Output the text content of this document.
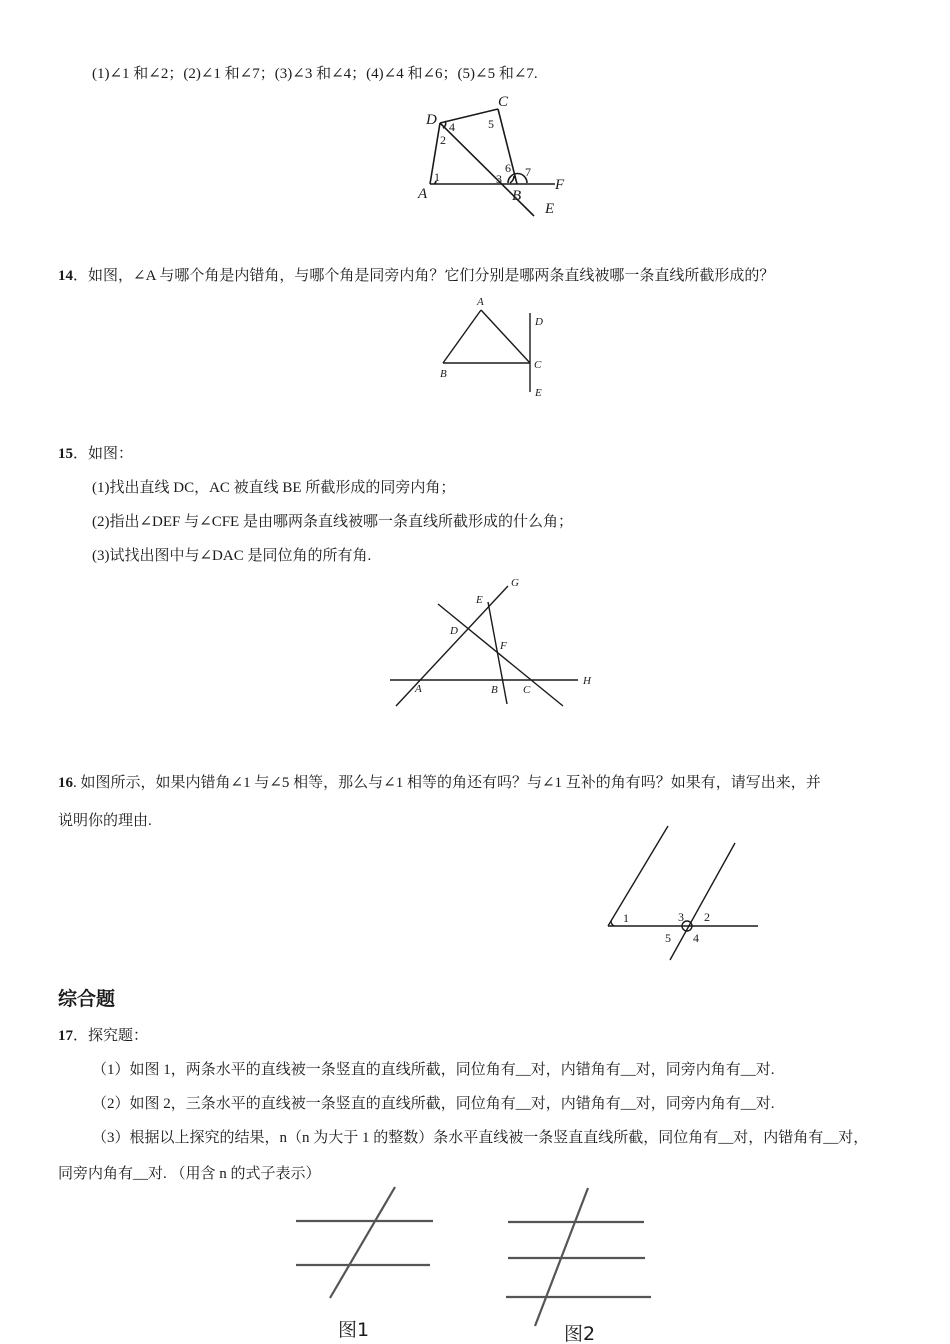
(1)∠1 和∠2；(2)∠1 和∠7；(3)∠3 和∠4；(4)∠4 和∠6；(5)∠5 和∠7.
D
C
A	B
F
E
4
2
5
1	3
6 7
14．如图，∠A 与哪个角是内错角，与哪个角是同旁内角？它们分别是哪两条直线被哪一条直线所截形成的？
A
B
C
D
E
15．如图：
(1)找出直线 DC，AC 被直线 BE 所截形成的同旁内角；
(2)指出∠DEF 与∠CFE 是由哪两条直线被哪一条直线所截形成的什么角；
(3)试找出图中与∠DAC 是同位角的所有角.
G
E
D
F
H
A	B C
16. 如图所示，如果内错角∠1 与∠5 相等，那么与∠1 相等的角还有吗？与∠1 互补的角有吗？如果有，请写出来，并
说明你的理由.
1	3 2
5 4
综合题
17．探究题：
（1）如图 1，两条水平的直线被一条竖直的直线所截，同位角有__对，内错角有__对，同旁内角有__对.
（2）如图 2，三条水平的直线被一条竖直的直线所截，同位角有__对，内错角有__对，同旁内角有__对.
（3）根据以上探究的结果，n（n 为大于 1 的整数）条水平直线被一条竖直直线所截，同位角有__对，内错角有__对，
同旁内角有__对. （用含 n 的式子表示）
图1	图2
